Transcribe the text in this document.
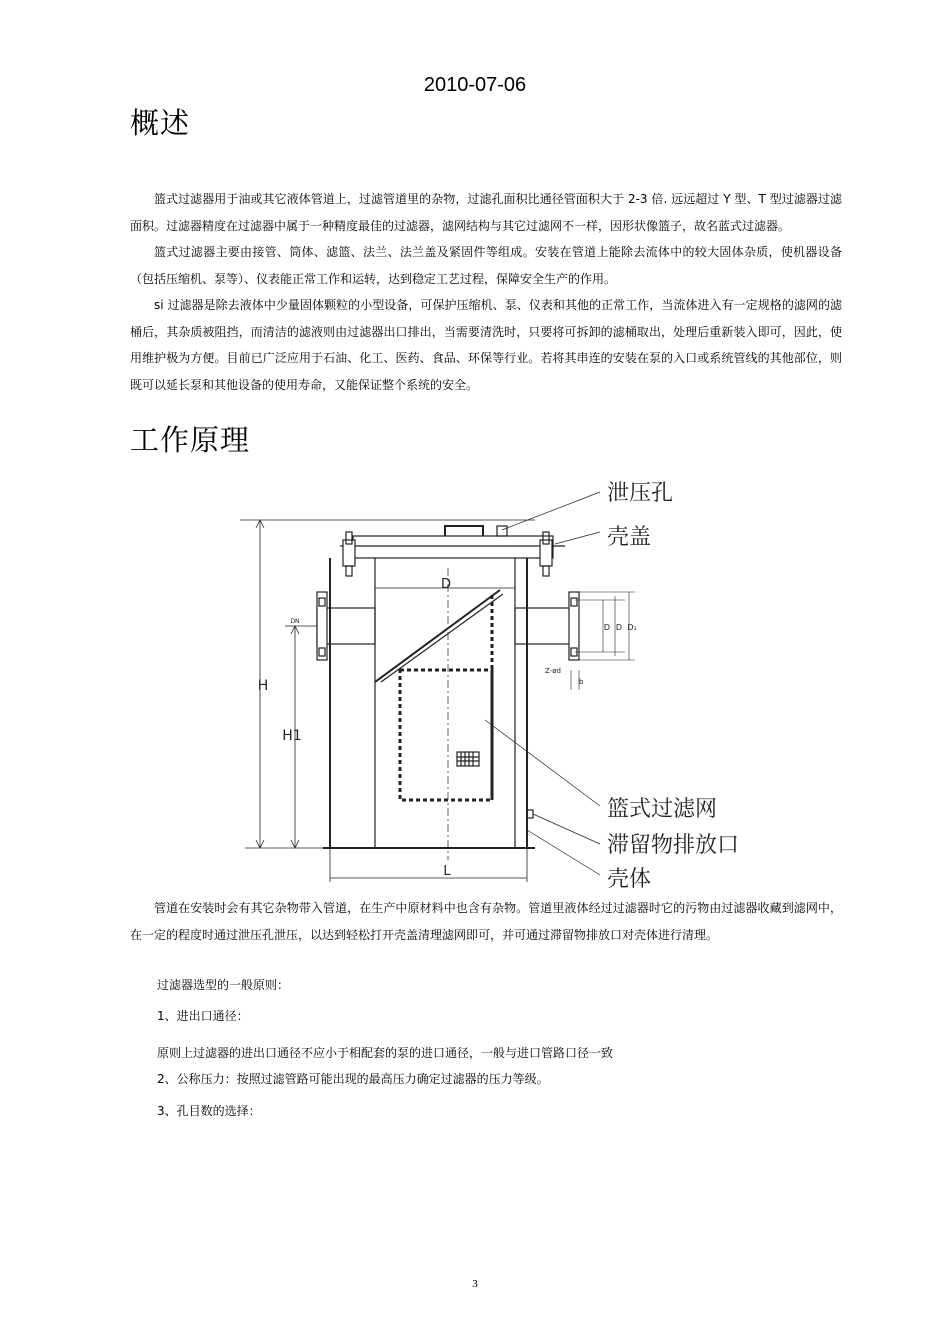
2010-07-06
概述

篮式过滤器用于油或其它液体管道上，过滤管道里的杂物，过滤孔面积比通径管面积大于 2-3 倍. 远远超过 Y 型、T 型过滤器过滤面积。过滤器精度在过滤器中属于一种精度最佳的过滤器，滤网结构与其它过滤网不一样，因形状像篮子，故名蓝式过滤器。

篮式过滤器主要由接管、筒体、滤篮、法兰、法兰盖及紧固件等组成。安装在管道上能除去流体中的较大固体杂质，使机器设备（包括压缩机、泵等）、仪表能正常工作和运转，达到稳定工艺过程，保障安全生产的作用。

si 过滤器是除去液体中少量固体颗粒的小型设备，可保护压缩机、泵、仪表和其他的正常工作，当流体进入有一定规格的滤网的滤桶后，其杂质被阻挡，而清洁的滤液则由过滤器出口排出，当需要清洗时，只要将可拆卸的滤桶取出，处理后重新装入即可，因此，使用维护极为方便。目前已广泛应用于石油、化工、医药、食品、环保等行业。若将其串连的安装在泵的入口或系统管线的其他部位，则既可以延长泵和其他设备的使用寿命，又能保证整个系统的安全。

工作原理
D
H
H1
L
DN
D D D₁
Z-ød
b
泄压孔
壳盖
篮式过滤网
滞留物排放口
壳体

管道在安装时会有其它杂物带入管道，在生产中原材料中也含有杂物。管道里液体经过过滤器时它的污物由过滤器收藏到滤网中，在一定的程度时通过泄压孔泄压，以达到轻松打开壳盖清理滤网即可，并可通过滞留物排放口对壳体进行清理。

过滤器选型的一般原则：
1、进出口通径：
原则上过滤器的进出口通径不应小于相配套的泵的进口通径，一般与进口管路口径一致
2、公称压力：按照过滤管路可能出现的最高压力确定过滤器的压力等级。
3、孔目数的选择：
3
